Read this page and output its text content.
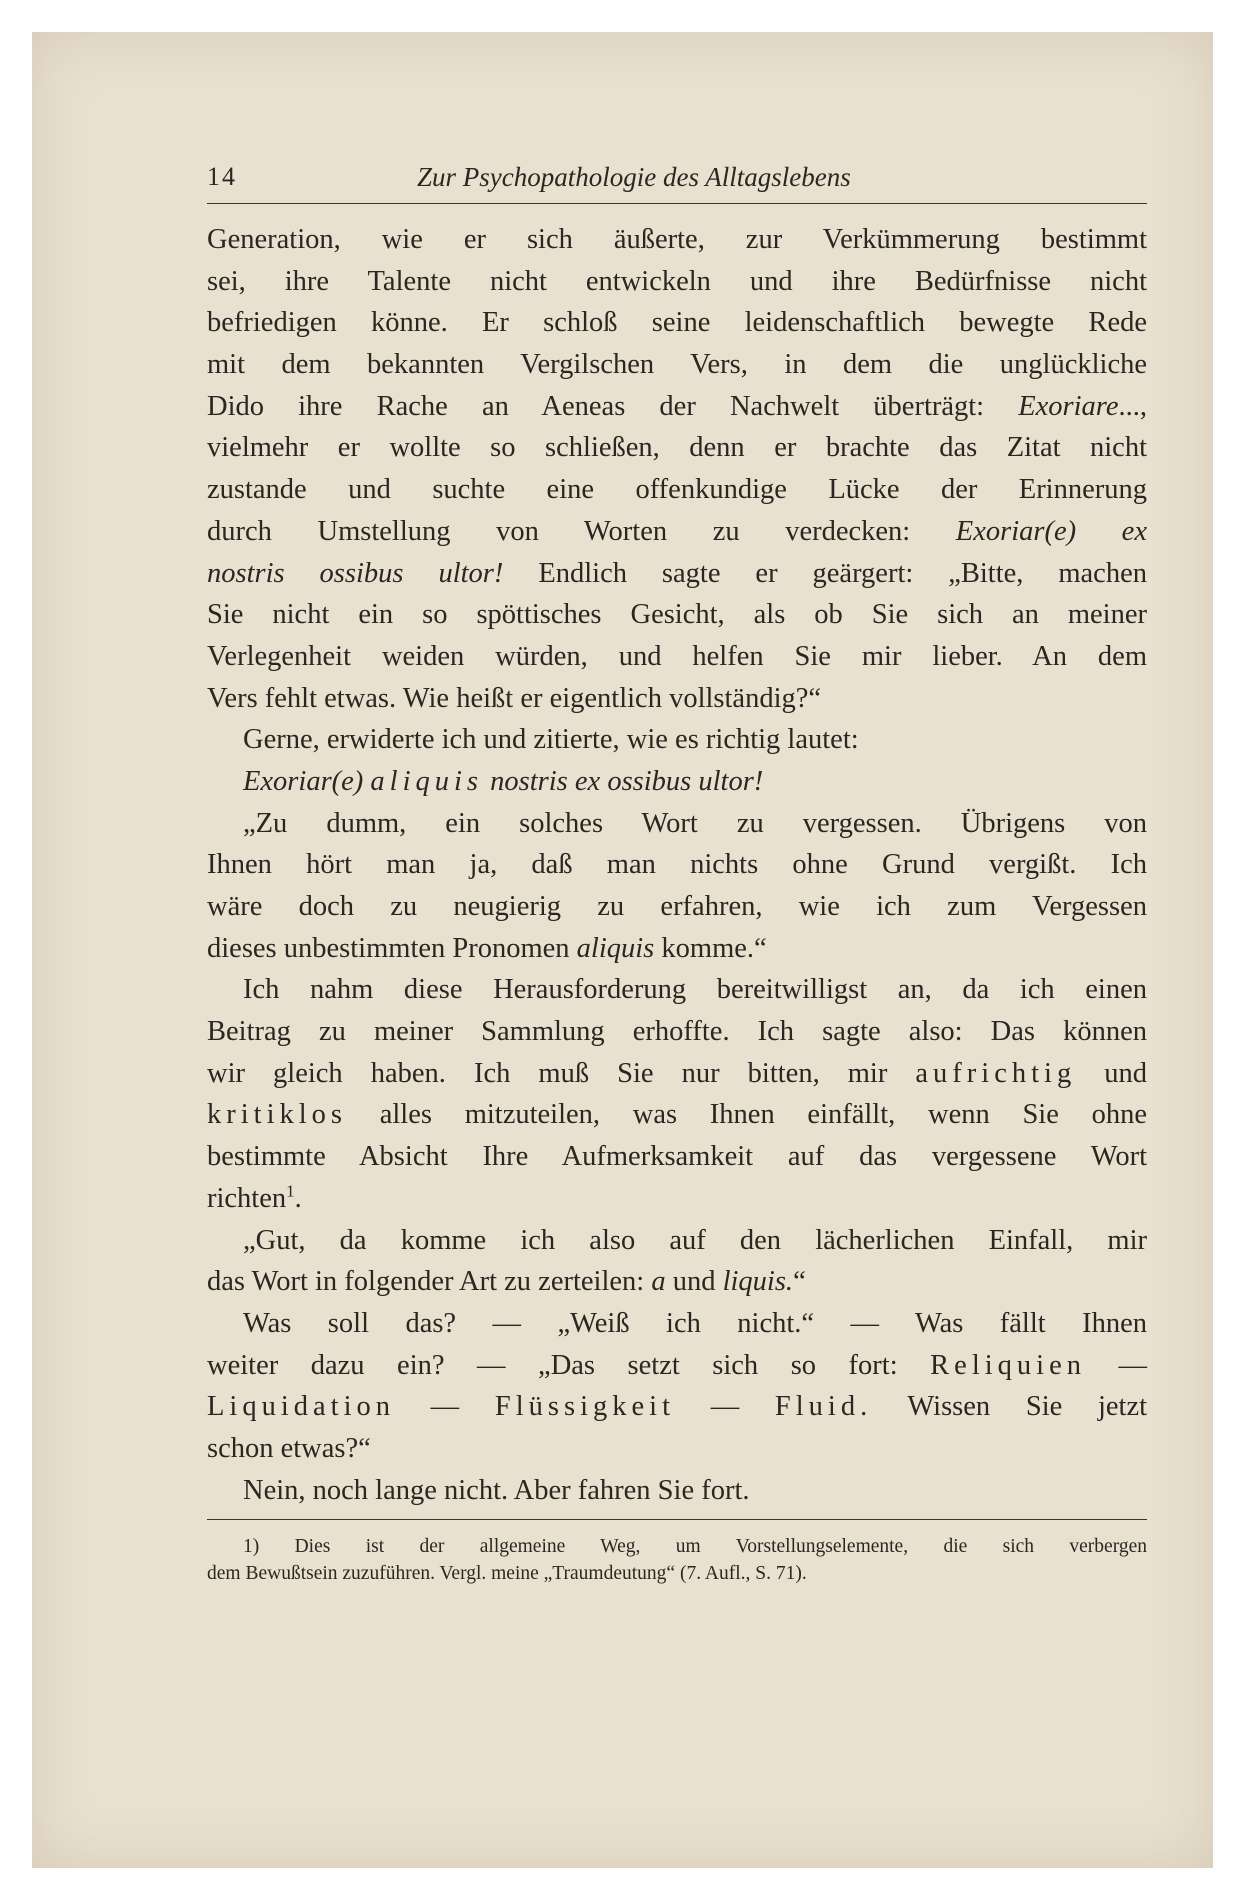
14	Zur Psychopathologie des Alltagslebens
Generation, wie er sich äußerte, zur Verkümmerung bestimmt
sei, ihre Talente nicht entwickeln und ihre Bedürfnisse nicht
befriedigen könne. Er schloß seine leidenschaftlich bewegte Rede
mit dem bekannten Vergilschen Vers, in dem die unglückliche
Dido ihre Rache an Aeneas der Nachwelt überträgt: Exoriare...,
vielmehr er wollte so schließen, denn er brachte das Zitat nicht
zustande und suchte eine offenkundige Lücke der Erinnerung
durch Umstellung von Worten zu verdecken: Exoriar(e) ex
nostris ossibus ultor! Endlich sagte er geärgert: „Bitte, machen
Sie nicht ein so spöttisches Gesicht, als ob Sie sich an meiner
Verlegenheit weiden würden, und helfen Sie mir lieber. An dem
Vers fehlt etwas. Wie heißt er eigentlich vollständig?“
Gerne, erwiderte ich und zitierte, wie es richtig lautet:
Exoriar(e) aliquis nostris ex ossibus ultor!
„Zu dumm, ein solches Wort zu vergessen. Übrigens von
Ihnen hört man ja, daß man nichts ohne Grund vergißt. Ich
wäre doch zu neugierig zu erfahren, wie ich zum Vergessen
dieses unbestimmten Pronomen aliquis komme.“
Ich nahm diese Herausforderung bereitwilligst an, da ich einen
Beitrag zu meiner Sammlung erhoffte. Ich sagte also: Das können
wir gleich haben. Ich muß Sie nur bitten, mir aufrichtig und
kritiklos alles mitzuteilen, was Ihnen einfällt, wenn Sie ohne
bestimmte Absicht Ihre Aufmerksamkeit auf das vergessene Wort
richten$^1$.
„Gut, da komme ich also auf den lächerlichen Einfall, mir
das Wort in folgender Art zu zerteilen: a und liquis.“
Was soll das? — „Weiß ich nicht.“ — Was fällt Ihnen
weiter dazu ein? — „Das setzt sich so fort: Reliquien —
Liquidation — Flüssigkeit — Fluid. Wissen Sie jetzt
schon etwas?“
Nein, noch lange nicht. Aber fahren Sie fort.
1) Dies ist der allgemeine Weg, um Vorstellungselemente, die sich verbergen
dem Bewußtsein zuzuführen. Vergl. meine „Traumdeutung“ (7. Aufl., S. 71).
